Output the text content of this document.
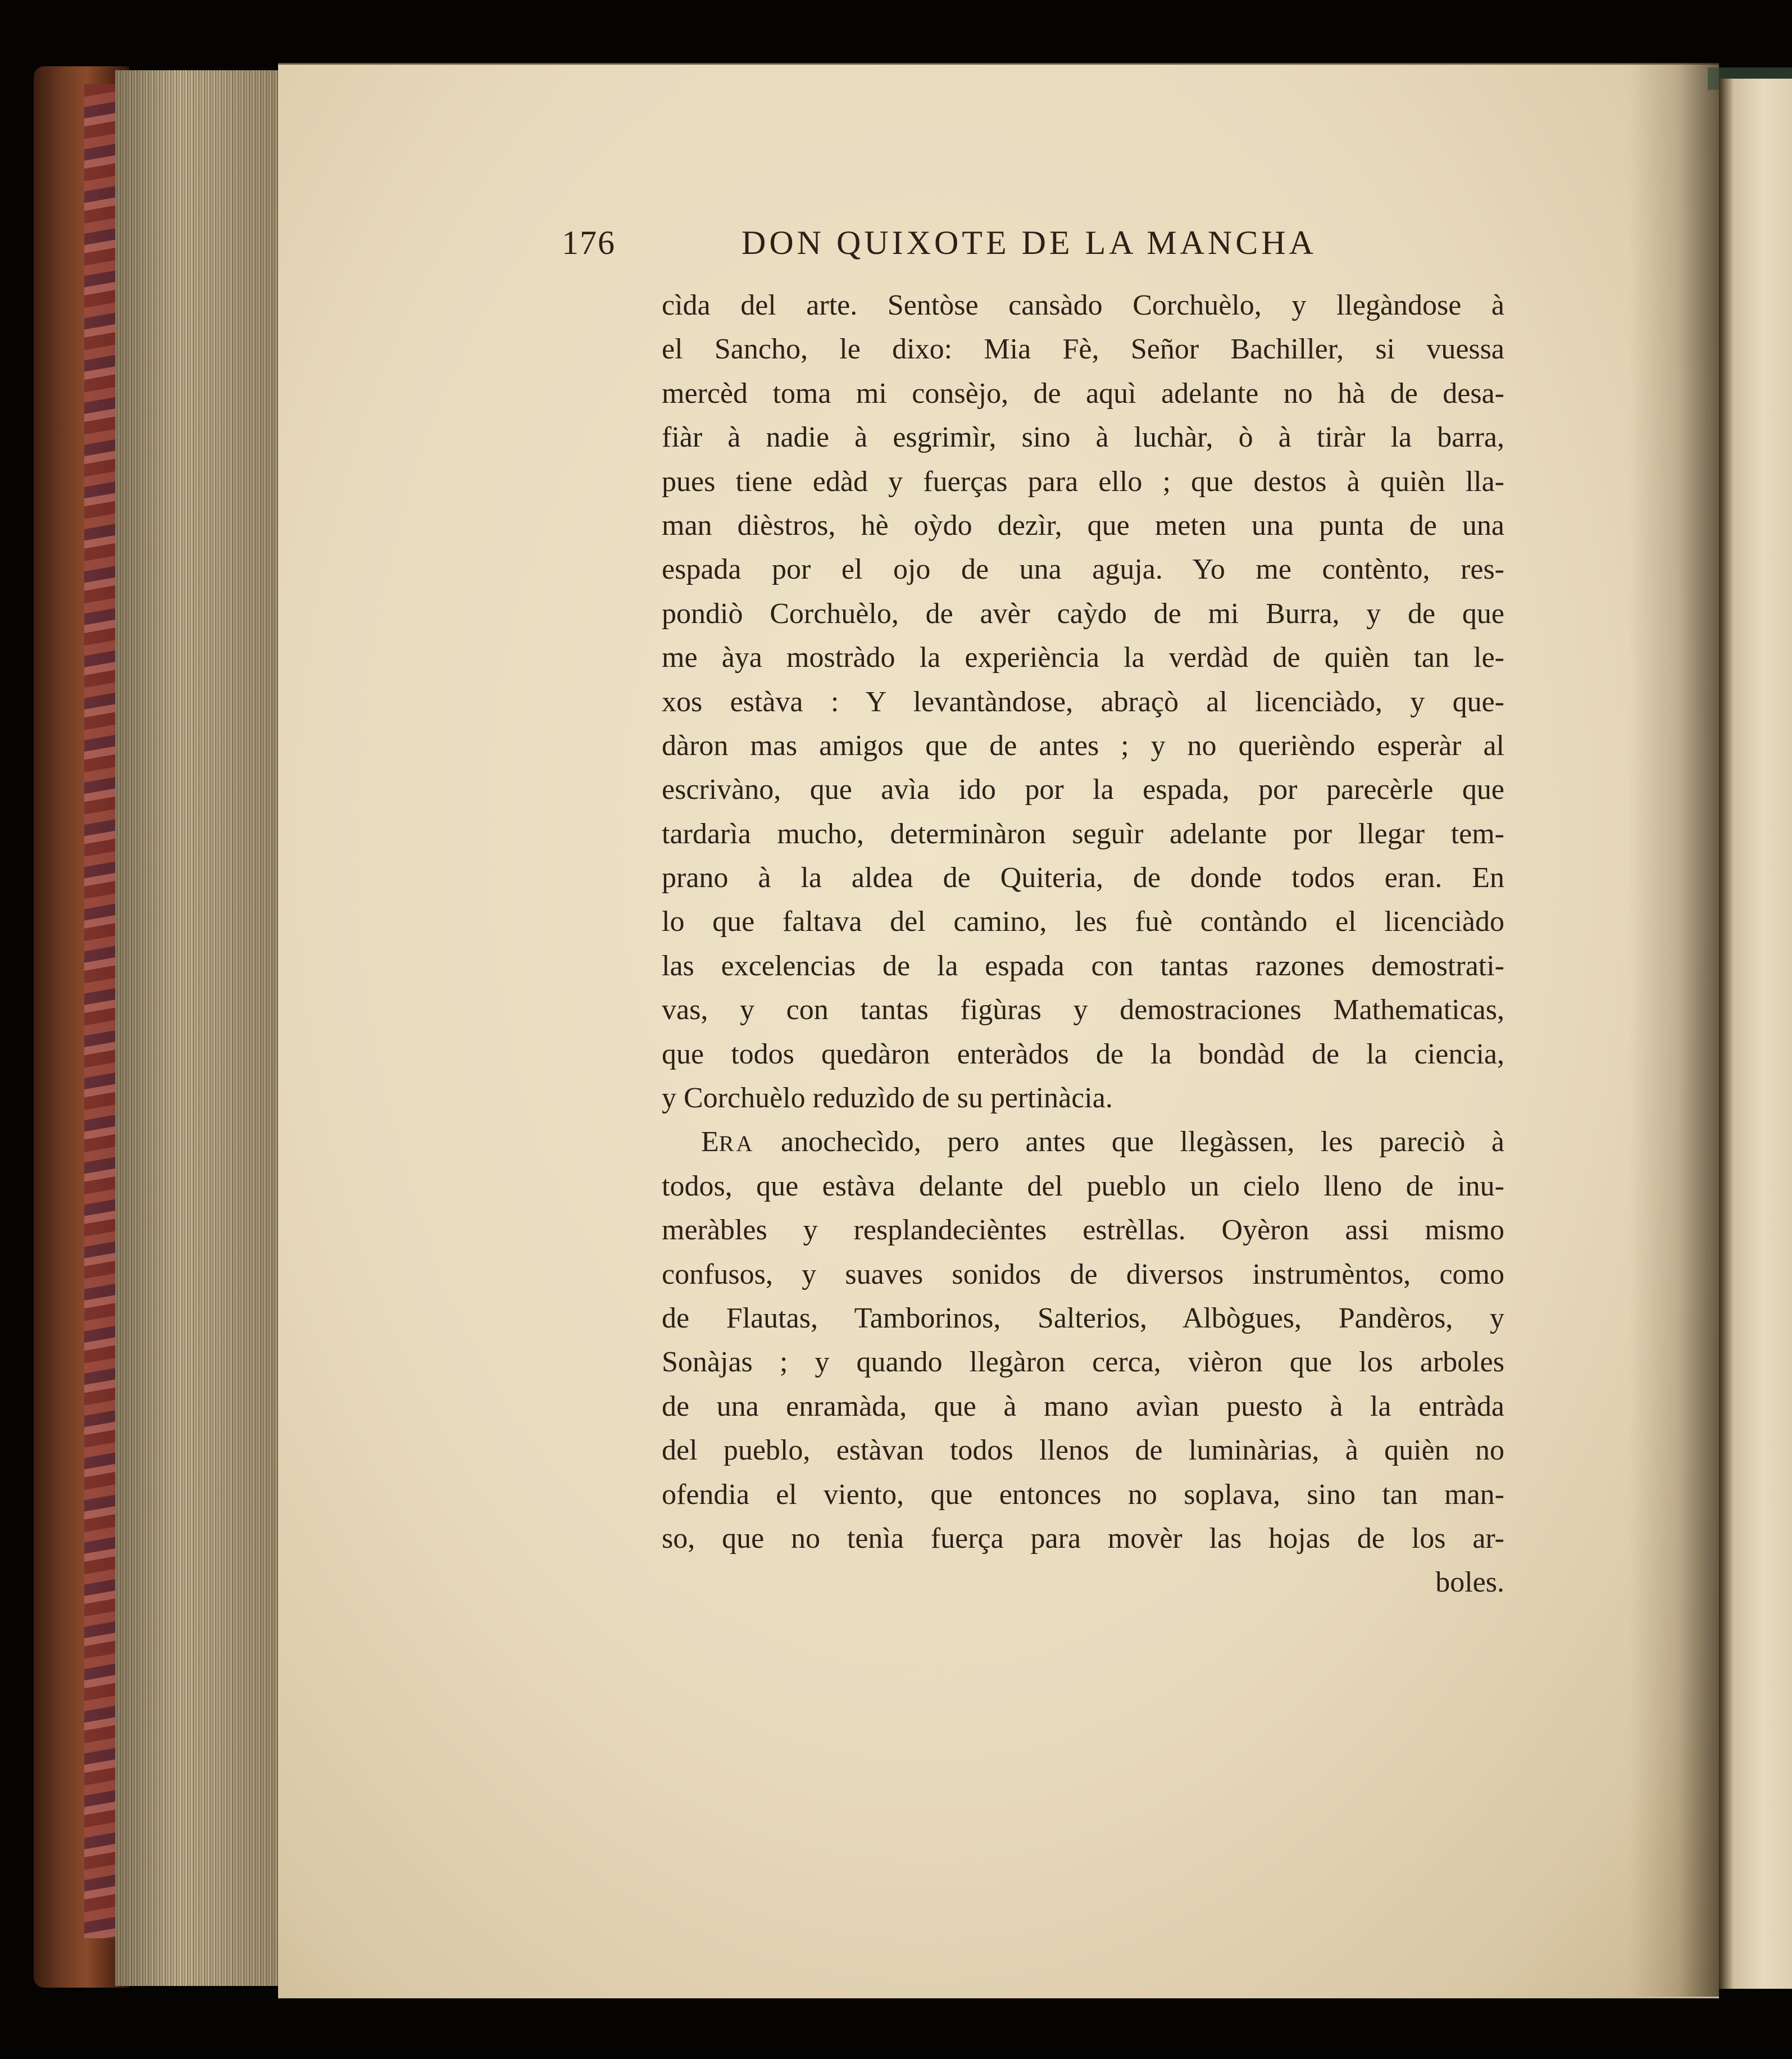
176	DON QUIXOTE DE LA MANCHA
cìda del arte. Sentòse cansàdo Corchuèlo, y llegàndose à
el Sancho, le dixo: Mia Fè, Señor Bachiller, si vuessa
mercèd toma mi consèjo, de aquì adelante no hà de desa-
fiàr à nadie à esgrimìr, sino à luchàr, ò à tiràr la barra,
pues tiene edàd y fuerças para ello ; que destos à quièn lla-
man dièstros, hè oỳdo dezìr, que meten una punta de una
espada por el ojo de una aguja. Yo me contènto, res-
pondiò Corchuèlo, de avèr caỳdo de mi Burra, y de que
me àya mostràdo la experiència la verdàd de quièn tan le-
xos estàva : Y levantàndose, abraçò al licenciàdo, y que-
dàron mas amigos que de antes ; y no querièndo esperàr al
escrivàno, que avìa ido por la espada, por parecèrle que
tardarìa mucho, determinàron seguìr adelante por llegar tem-
prano à la aldea de Quiteria, de donde todos eran. En
lo que faltava del camino, les fuè contàndo el licenciàdo
las excelencias de la espada con tantas razones demostrati-
vas, y con tantas figùras y demostraciones Mathematicas,
que todos quedàron enteràdos de la bondàd de la ciencia,
y Corchuèlo reduzìdo de su pertinàcia.
ERA anochecìdo, pero antes que llegàssen, les pareciò à
todos, que estàva delante del pueblo un cielo lleno de inu-
meràbles y resplandecièntes estrèllas. Oyèron assi mismo
confusos, y suaves sonidos de diversos instrumèntos, como
de Flautas, Tamborinos, Salterios, Albògues, Pandèros, y
Sonàjas ; y quando llegàron cerca, vièron que los arboles
de una enramàda, que à mano avìan puesto à la entràda
del pueblo, estàvan todos llenos de luminàrias, à quièn no
ofendia el viento, que entonces no soplava, sino tan man-
so, que no tenìa fuerça para movèr las hojas de los ar-
boles.
